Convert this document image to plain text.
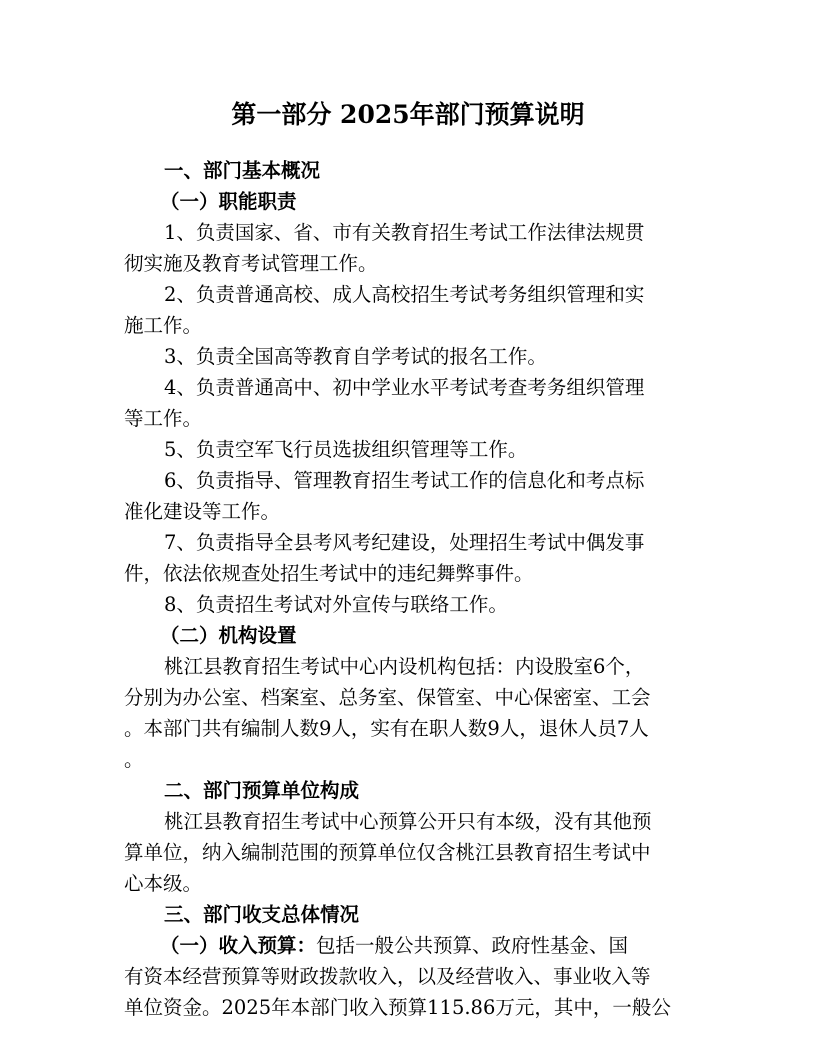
第一部分 2025年部门预算说明
一、部门基本概况
（一）职能职责
1、负责国家、省、市有关教育招生考试工作法律法规贯
彻实施及教育考试管理工作。
2、负责普通高校、成人高校招生考试考务组织管理和实
施工作。
3、负责全国高等教育自学考试的报名工作。
4、负责普通高中、初中学业水平考试考查考务组织管理
等工作。
5、负责空军飞行员选拔组织管理等工作。
6、负责指导、管理教育招生考试工作的信息化和考点标
准化建设等工作。
7、负责指导全县考风考纪建设，处理招生考试中偶发事
件，依法依规查处招生考试中的违纪舞弊事件。
8、负责招生考试对外宣传与联络工作。
（二）机构设置
桃江县教育招生考试中心内设机构包括：内设股室6个，
分别为办公室、档案室、总务室、保管室、中心保密室、工会
。本部门共有编制人数9人，实有在职人数9人，退休人员7人
。
二、部门预算单位构成
桃江县教育招生考试中心预算公开只有本级，没有其他预
算单位，纳入编制范围的预算单位仅含桃江县教育招生考试中
心本级。
三、部门收支总体情况
（一）收入预算：包括一般公共预算、政府性基金、国
有资本经营预算等财政拨款收入，以及经营收入、事业收入等
单位资金。2025年本部门收入预算115.86万元，其中，一般公
